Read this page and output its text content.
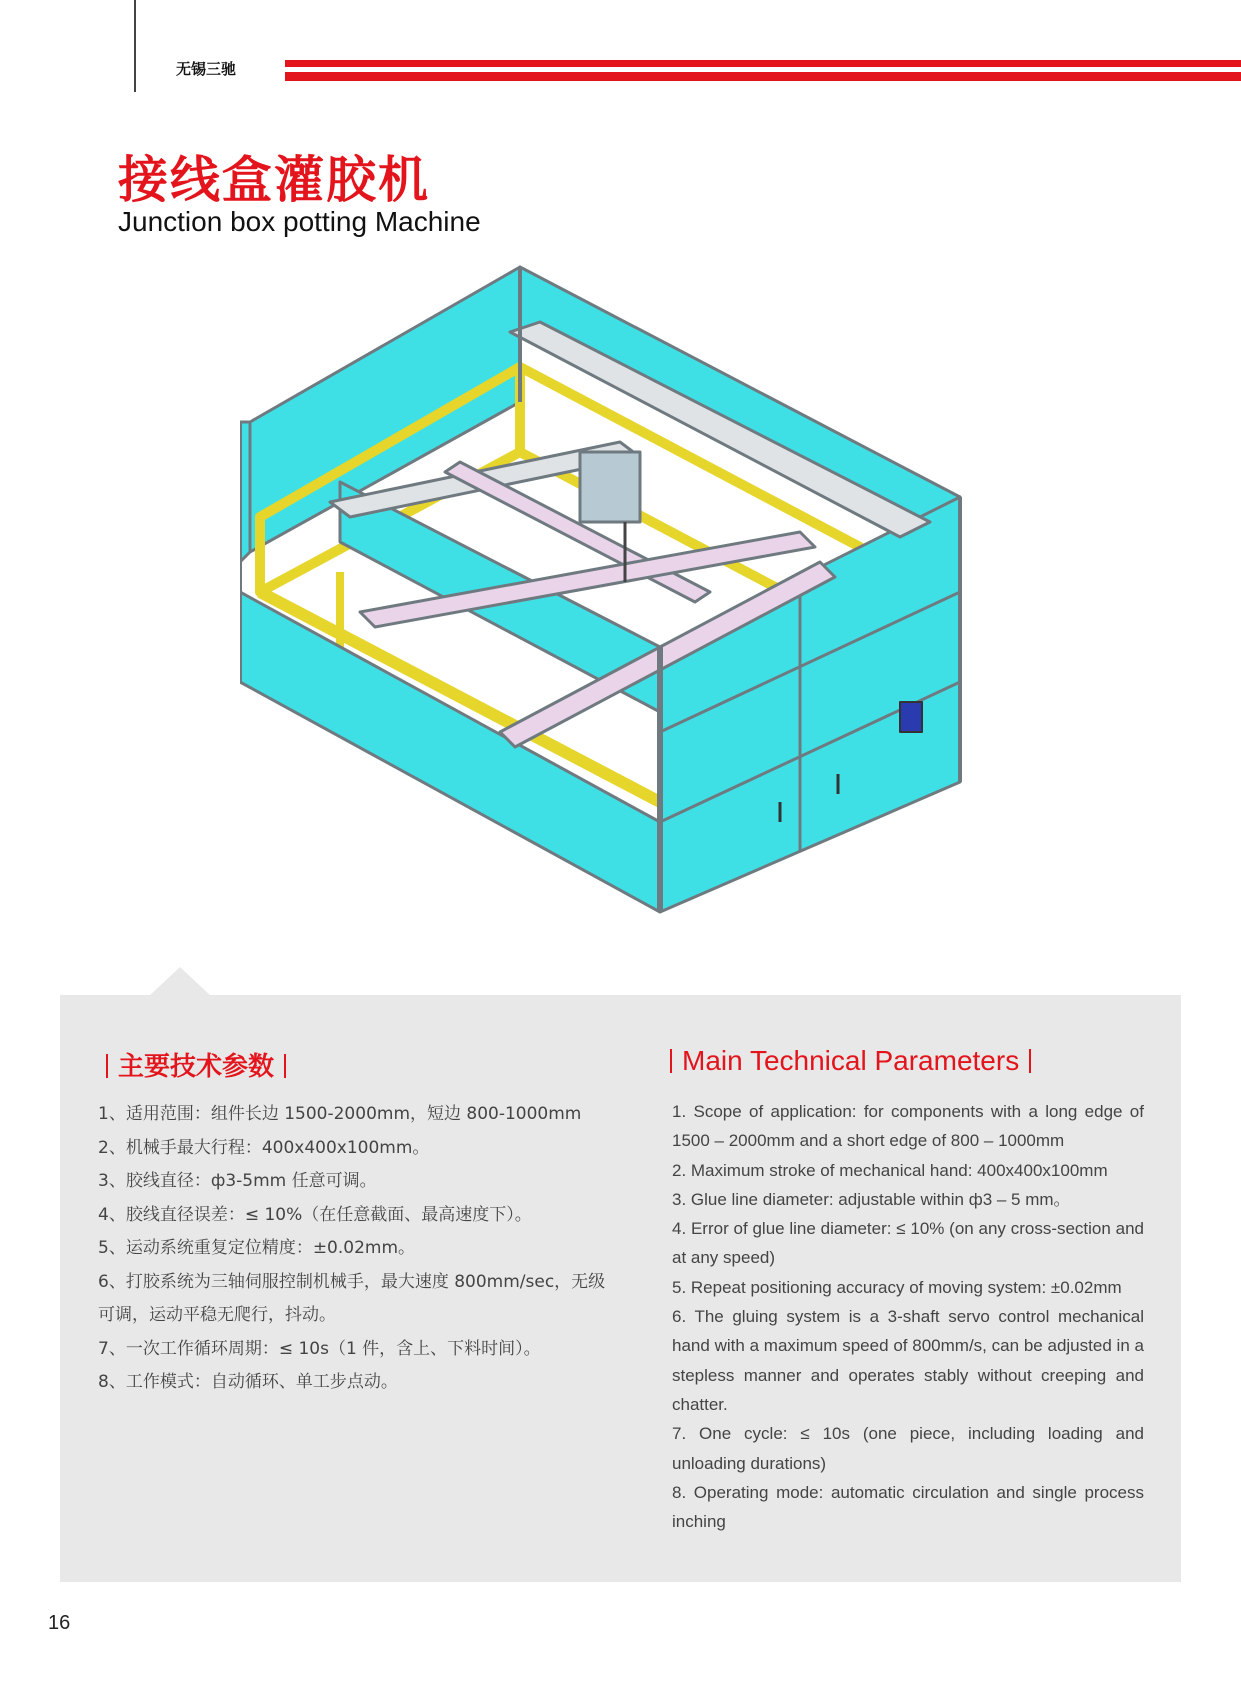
无锡三驰
接线盒灌胶机
Junction box potting Machine
主要技术参数	Main Technical Parameters
1、适用范围：组件长边 1500-2000mm，短边 800-1000mm
2、机械手最大行程：400x400x100mm。
3、胶线直径：ф3-5mm 任意可调。
4、胶线直径误差：≤ 10%（在任意截面、最高速度下）。
5、运动系统重复定位精度：±0.02mm。
6、打胶系统为三轴伺服控制机械手，最大速度 800mm/sec，无级
可调，运动平稳无爬行，抖动。
7、一次工作循环周期：≤ 10s（1 件，含上、下料时间）。
8、工作模式：自动循环、单工步点动。
1. Scope of application: for components with a long edge of 1500 – 2000mm and a short edge of 800 – 1000mm
2. Maximum stroke of mechanical hand: 400x400x100mm
3. Glue line diameter: adjustable within ф3 – 5 mm。
4. Error of glue line diameter: ≤ 10% (on any cross-section and at any speed)
5. Repeat positioning accuracy of moving system: ±0.02mm
6. The gluing system is a 3-shaft servo control mechanical hand with a maximum speed of 800mm/s, can be adjusted in a stepless manner and operates stably without creeping and chatter.
7. One cycle: ≤ 10s (one piece, including loading and unloading durations)
8. Operating mode: automatic circulation and single process inching
16
